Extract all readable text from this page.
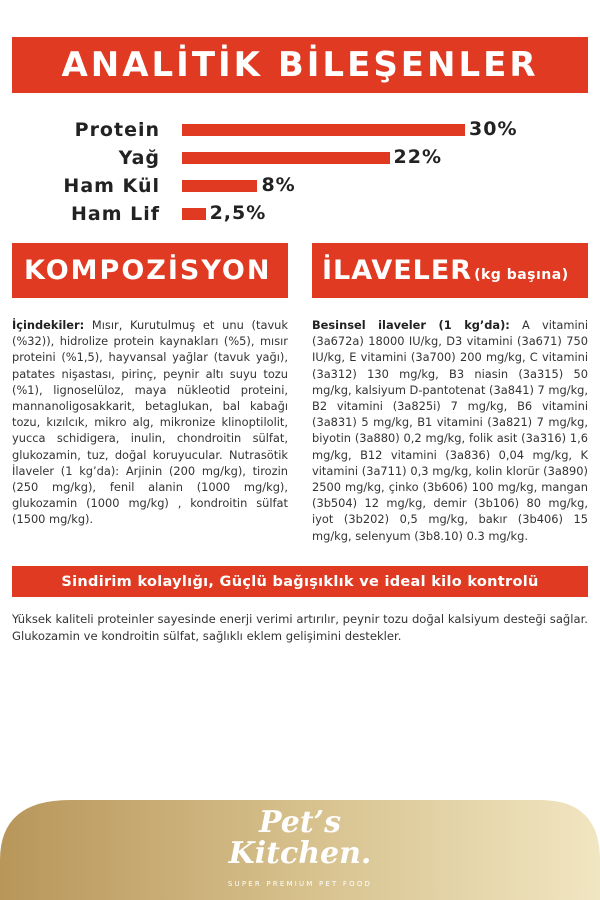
ANALİTİK BİLEŞENLER
Protein	30%
Yağ	22%
Ham Kül	8%
Ham Lif	2,5%
KOMPOZİSYON İLAVELER (kg başına)
İçindekiler: Mısır, Kurutulmuş et unu (tavuk (%32)), hidrolize protein kaynakları (%5), mısır proteini (%1,5), hayvansal yağlar (tavuk yağı), patates nişastası, pirinç, peynir altı suyu tozu (%1), lignoselüloz, maya nükleotid proteini, mannanoligosakkarit, betaglukan, bal kabağı tozu, kızılcık, mikro alg, mikronize klinoptilolit, yucca schidigera, inulin, chondroitin sülfat, glukozamin, tuz, doğal koruyucular. Nutrasötik İlaveler (1 kg’da): Arjinin (200 mg/kg), tirozin (250 mg/kg), fenil alanin (1000 mg/kg), glukozamin (1000 mg/kg) , kondroitin sülfat (1500 mg/kg).
Besinsel ilaveler (1 kg’da): A vitamini (3a672a) 18000 IU/kg, D3 vitamini (3a671) 750 IU/kg, E vitamini (3a700) 200 mg/kg, C vitamini (3a312) 130 mg/kg, B3 niasin (3a315) 50 mg/kg, kalsiyum D-pantotenat (3a841) 7 mg/kg, B2 vitamini (3a825i) 7 mg/kg, B6 vitamini (3a831) 5 mg/kg, B1 vitamini (3a821) 7 mg/kg, biyotin (3a880) 0,2 mg/kg, folik asit (3a316) 1,6 mg/kg, B12 vitamini (3a836) 0,04 mg/kg, K vitamini (3a711) 0,3 mg/kg, kolin klorür (3a890) 2500 mg/kg, çinko (3b606) 100 mg/kg, mangan (3b504) 12 mg/kg, demir (3b106) 80 mg/kg, iyot (3b202) 0,5 mg/kg, bakır (3b406) 15 mg/kg, selenyum (3b8.10) 0.3 mg/kg.
Sindirim kolaylığı, Güçlü bağışıklık ve ideal kilo kontrolü
Yüksek kaliteli proteinler sayesinde enerji verimi artırılır, peynir tozu doğal kalsiyum desteği sağlar. Glukozamin ve kondroitin sülfat, sağlıklı eklem gelişimini destekler.
Pet’s
Kitchen.
SUPER PREMIUM PET FOOD
